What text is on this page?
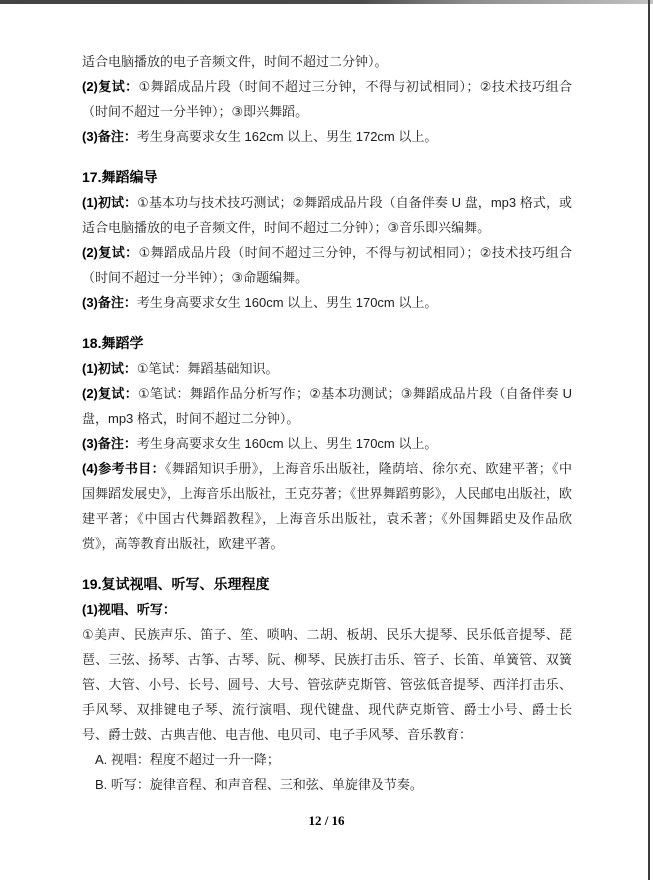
适合电脑播放的电子音频文件，时间不超过二分钟）。
(2)复试：①舞蹈成品片段（时间不超过三分钟，不得与初试相同）；②技术技巧组合（时间不超过一分半钟）；③即兴舞蹈。
(3)备注：考生身高要求女生 162cm 以上、男生 172cm 以上。
17.舞蹈编导
(1)初试：①基本功与技术技巧测试；②舞蹈成品片段（自备伴奏 U 盘，mp3 格式，或适合电脑播放的电子音频文件，时间不超过二分钟）；③音乐即兴编舞。
(2)复试：①舞蹈成品片段（时间不超过三分钟，不得与初试相同）；②技术技巧组合（时间不超过一分半钟）；③命题编舞。
(3)备注：考生身高要求女生 160cm 以上、男生 170cm 以上。
18.舞蹈学
(1)初试：①笔试：舞蹈基础知识。
(2)复试：①笔试：舞蹈作品分析写作；②基本功测试；③舞蹈成品片段（自备伴奏 U 盘，mp3 格式，时间不超过二分钟）。
(3)备注：考生身高要求女生 160cm 以上、男生 170cm 以上。
(4)参考书目：《舞蹈知识手册》，上海音乐出版社，隆荫培、徐尔充、欧建平著；《中国舞蹈发展史》，上海音乐出版社，王克芬著；《世界舞蹈剪影》，人民邮电出版社，欧建平著；《中国古代舞蹈教程》，上海音乐出版社，袁禾著；《外国舞蹈史及作品欣赏》，高等教育出版社，欧建平著。
19.复试视唱、听写、乐理程度
(1)视唱、听写：
①美声、民族声乐、笛子、笙、唢呐、二胡、板胡、民乐大提琴、民乐低音提琴、琵琶、三弦、扬琴、古筝、古琴、阮、柳琴、民族打击乐、管子、长笛、单簧管、双簧管、大管、小号、长号、圆号、大号、管弦萨克斯管、管弦低音提琴、西洋打击乐、手风琴、双排键电子琴、流行演唱、现代键盘、现代萨克斯管、爵士小号、爵士长号、爵士鼓、古典吉他、电吉他、电贝司、电子手风琴、音乐教育：
A. 视唱：程度不超过一升一降；
B. 听写：旋律音程、和声音程、三和弦、单旋律及节奏。
12 / 16
